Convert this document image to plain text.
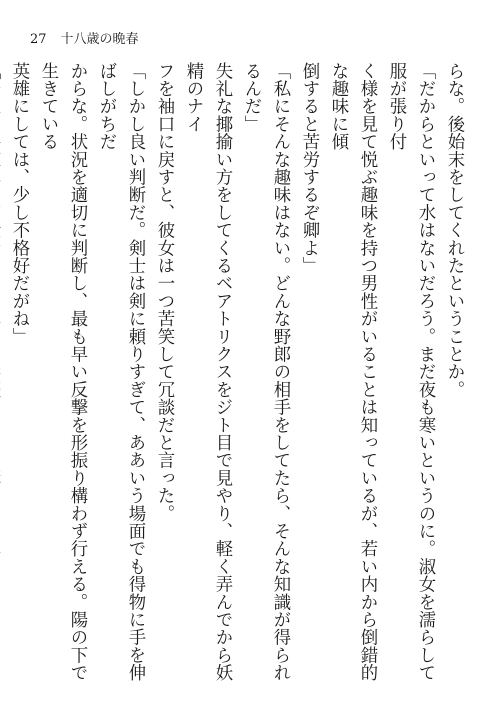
27 十八歳の晩春

らな。後始末をしてくれたということか。

「だからといって水はないだろう。まだ夜も寒いというのに。淑女を濡らして服が張り付

く様を見て悦ぶ趣味を持つ男性がいることは知っているが、若い内から倒錯的な趣味に傾

倒すると苦労するぞ卿よ」

「私にそんな趣味はない。どんな野郎の相手をしてたら、そんな知識が得られるんだ」

失礼な揶揄い方をしてくるベアトリクスをジト目で見やり、軽く弄んでから妖精のナイ

フを袖口に戻すと、彼女は一つ苦笑して冗談だと言った。

「しかし良い判断だ。剣士は剣に頼りすぎて、ああいう場面でも得物に手を伸ばしがちだ

からな。状況を適切に判断し、最も早い反撃を形振り構わず行える。陽の下で生きている

英雄にしては、少し不格好だがね」
